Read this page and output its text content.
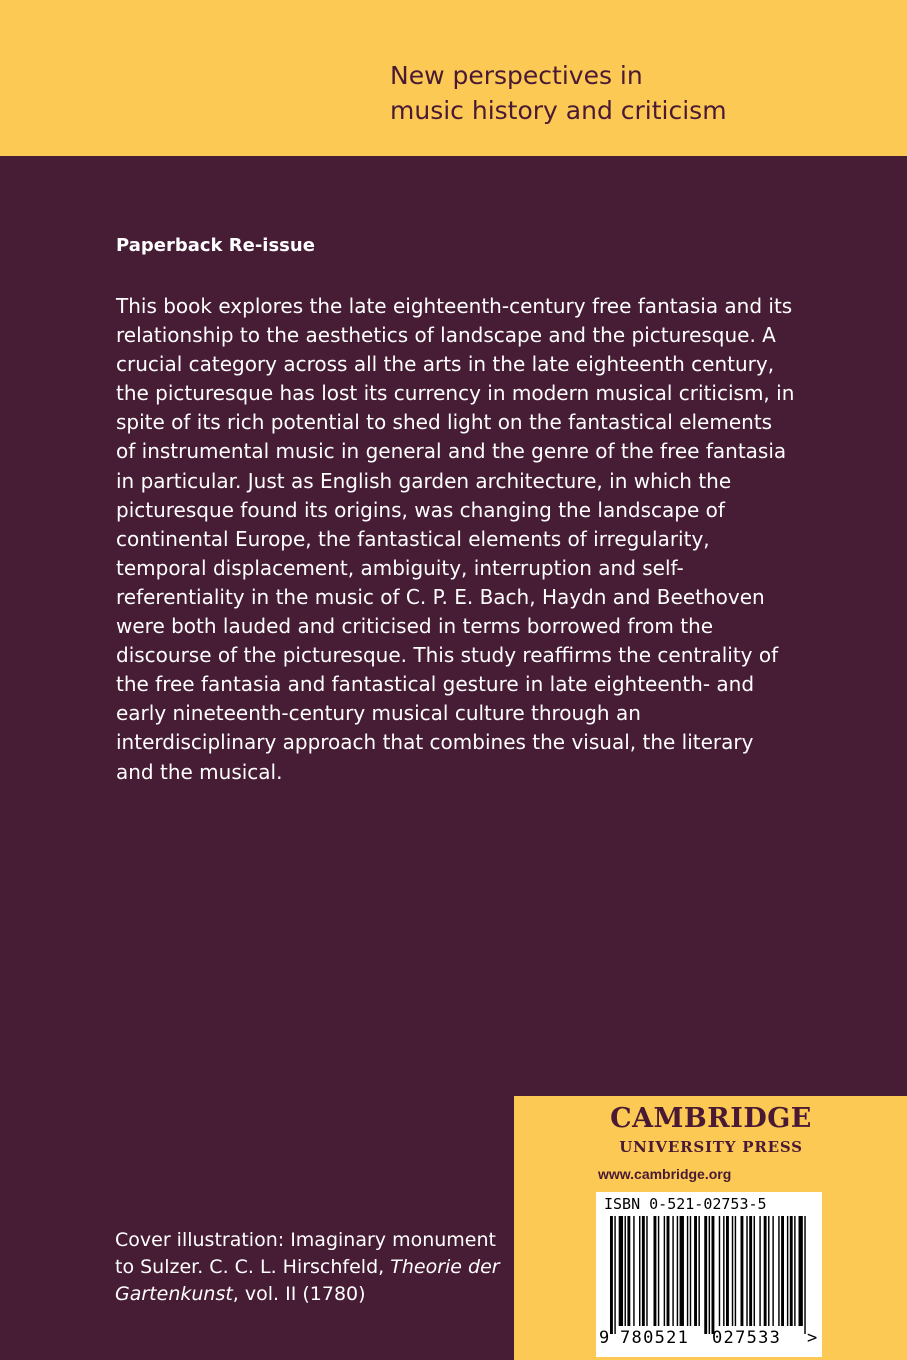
New perspectives in
music history and criticism
Paperback Re-issue
This book explores the late eighteenth-century free fantasia and its
relationship to the aesthetics of landscape and the picturesque. A
crucial category across all the arts in the late eighteenth century,
the picturesque has lost its currency in modern musical criticism, in
spite of its rich potential to shed light on the fantastical elements
of instrumental music in general and the genre of the free fantasia
in particular. Just as English garden architecture, in which the
picturesque found its origins, was changing the landscape of
continental Europe, the fantastical elements of irregularity,
temporal displacement, ambiguity, interruption and self-
referentiality in the music of C. P. E. Bach, Haydn and Beethoven
were both lauded and criticised in terms borrowed from the
discourse of the picturesque. This study reaffirms the centrality of
the free fantasia and fantastical gesture in late eighteenth- and
early nineteenth-century musical culture through an
interdisciplinary approach that combines the visual, the literary
and the musical.
Cover illustration: Imaginary monument
to Sulzer. C. C. L. Hirschfeld, Theorie der
Gartenkunst, vol. II (1780)
CAMBRIDGE
UNIVERSITY PRESS
www.cambridge.org
ISBN 0-521-02753-5
9 780521 027533 >
